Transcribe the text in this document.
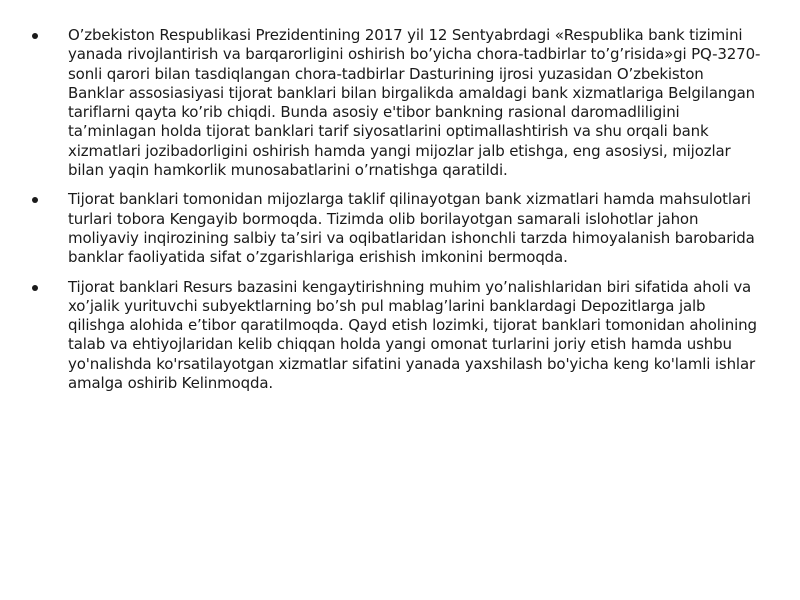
O’zbekiston Respublikasi Prezidentining 2017 yil 12 Sentyabrdagi «Respublika bank tizimini yanada rivojlantirish va barqarorligini oshirish bo’yicha chora-tadbirlar to’g’risida»gi PQ-3270-sonli qarori bilan tasdiqlangan chora-tadbirlar Dasturining ijrosi yuzasidan O’zbekiston Banklar assosiasiyasi tijorat banklari bilan birgalikda amaldagi bank xizmatlariga Belgilangan tariflarni qayta ko’rib chiqdi. Bunda asosiy e'tibor bankning rasional daromadliligini ta’minlagan holda tijorat banklari tarif siyosatlarini optimallashtirish va shu orqali bank xizmatlari jozibadorligini oshirish hamda yangi mijozlar jalb etishga, eng asosiysi, mijozlar bilan yaqin hamkorlik munosabatlarini o’rnatishga qaratildi.
Tijorat banklari tomonidan mijozlarga taklif qilinayotgan bank xizmatlari hamda mahsulotlari turlari tobora Kengayib bormoqda. Tizimda olib borilayotgan samarali islohotlar jahon moliyaviy inqirozining salbiy ta’siri va oqibatlaridan ishonchli tarzda himoyalanish barobarida banklar faoliyatida sifat o’zgarishlariga erishish imkonini bermoqda.
Tijorat banklari Resurs bazasini kengaytirishning muhim yo’nalishlaridan biri sifatida aholi va xo’jalik yurituvchi subyektlarning bo’sh pul mablag’larini banklardagi Depozitlarga jalb qilishga alohida e’tibor qaratilmoqda. Qayd etish lozimki, tijorat banklari tomonidan aholining talab va ehtiyojlaridan kelib chiqqan holda yangi omonat turlarini joriy etish hamda ushbu yo'nalishda ko'rsatilayotgan xizmatlar sifatini yanada yaxshilash bo'yicha keng ko'lamli ishlar amalga oshirib Kelinmoqda.
